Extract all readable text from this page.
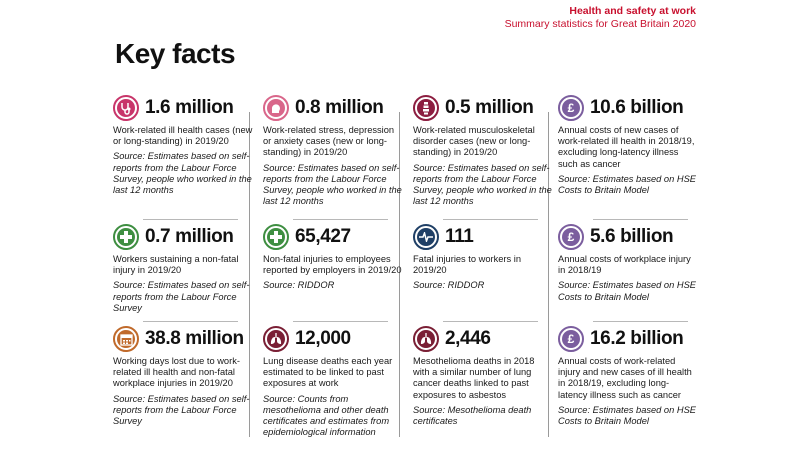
Health and safety at work
Summary statistics for Great Britain 2020
Key facts
1.6 million
Work-related ill health cases (new or long-standing) in 2019/20
Source: Estimates based on self-reports from the Labour Force Survey, people who worked in the last 12 months
0.8 million
Work-related stress, depression or anxiety cases (new or long-standing) in 2019/20
Source: Estimates based on self-reports from the Labour Force Survey, people who worked in the last 12 months
0.5 million
Work-related musculoskeletal disorder cases (new or long-standing) in 2019/20
Source: Estimates based on self-reports from the Labour Force Survey, people who worked in the last 12 months
£ 10.6 billion
Annual costs of new cases of work-related ill health in 2018/19, excluding long-latency illness such as cancer
Source: Estimates based on HSE Costs to Britain Model
0.7 million
Workers sustaining a non-fatal injury in 2019/20
Source: Estimates based on self-reports from the Labour Force Survey
65,427
Non-fatal injuries to employees reported by employers in 2019/20
Source: RIDDOR
111
Fatal injuries to workers in 2019/20
Source: RIDDOR
£ 5.6 billion
Annual costs of workplace injury in 2018/19
Source: Estimates based on HSE Costs to Britain Model
38.8 million
Working days lost due to work-related ill health and non-fatal workplace injuries in 2019/20
Source: Estimates based on self-reports from the Labour Force Survey
12,000
Lung disease deaths each year estimated to be linked to past exposures at work
Source: Counts from mesothelioma and other death certificates and estimates from epidemiological information
2,446
Mesothelioma deaths in 2018 with a similar number of lung cancer deaths linked to past exposures to asbestos
Source: Mesothelioma death certificates
£ 16.2 billion
Annual costs of work-related injury and new cases of ill health in 2018/19, excluding long-latency illness such as cancer
Source: Estimates based on HSE Costs to Britain Model
